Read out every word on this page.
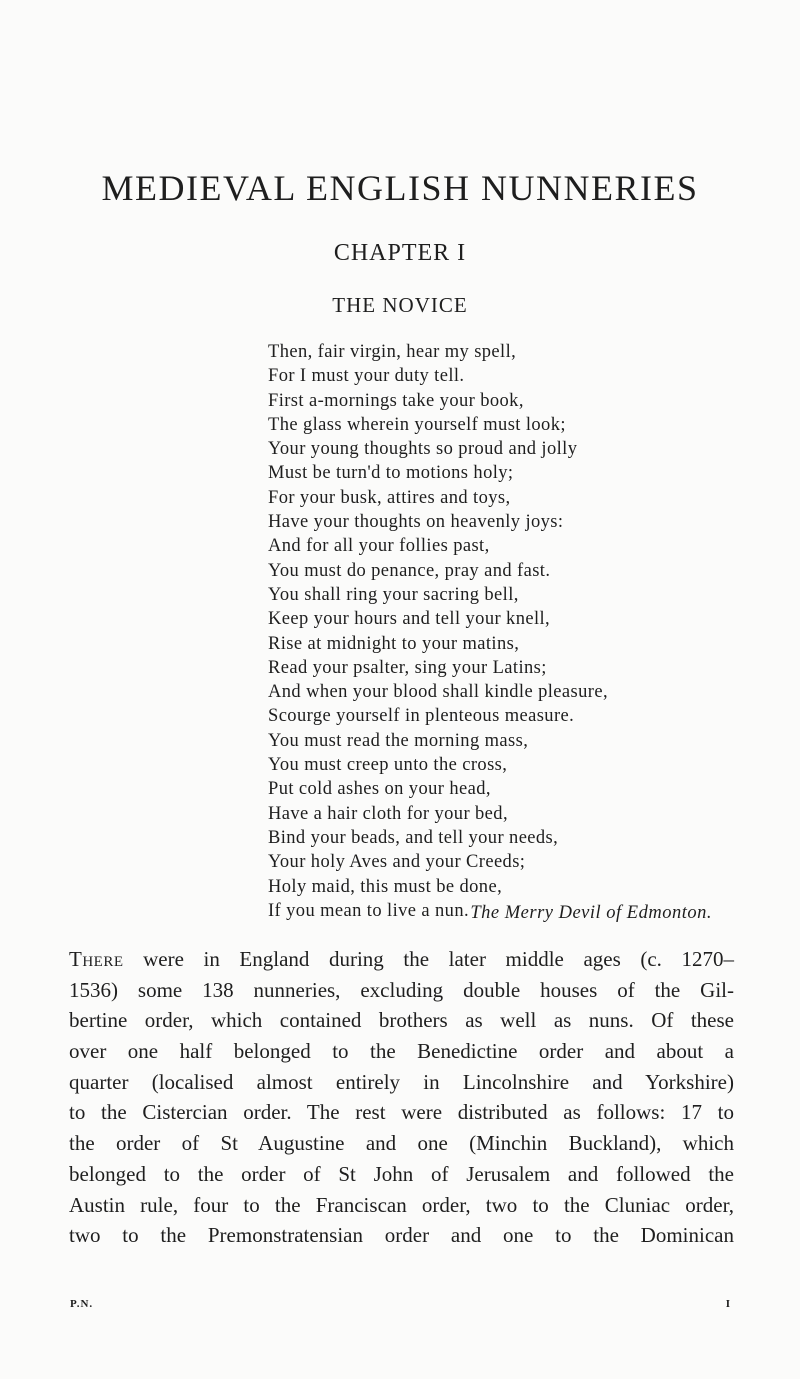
MEDIEVAL ENGLISH NUNNERIES
CHAPTER I
THE NOVICE
Then, fair virgin, hear my spell,
For I must your duty tell.
First a-mornings take your book,
The glass wherein yourself must look;
Your young thoughts so proud and jolly
Must be turn'd to motions holy;
For your busk, attires and toys,
Have your thoughts on heavenly joys:
And for all your follies past,
You must do penance, pray and fast.
You shall ring your sacring bell,
Keep your hours and tell your knell,
Rise at midnight to your matins,
Read your psalter, sing your Latins;
And when your blood shall kindle pleasure,
Scourge yourself in plenteous measure.
You must read the morning mass,
You must creep unto the cross,
Put cold ashes on your head,
Have a hair cloth for your bed,
Bind your beads, and tell your needs,
Your holy Aves and your Creeds;
Holy maid, this must be done,
If you mean to live a nun. The Merry Devil of Edmonton.
There were in England during the later middle ages (c. 1270–
1536) some 138 nunneries, excluding double houses of the Gil-
bertine order, which contained brothers as well as nuns. Of these
over one half belonged to the Benedictine order and about a
quarter (localised almost entirely in Lincolnshire and Yorkshire)
to the Cistercian order. The rest were distributed as follows: 17 to
the order of St Augustine and one (Minchin Buckland), which
belonged to the order of St John of Jerusalem and followed the
Austin rule, four to the Franciscan order, two to the Cluniac order,
two to the Premonstratensian order and one to the Dominican
P.N.	I
